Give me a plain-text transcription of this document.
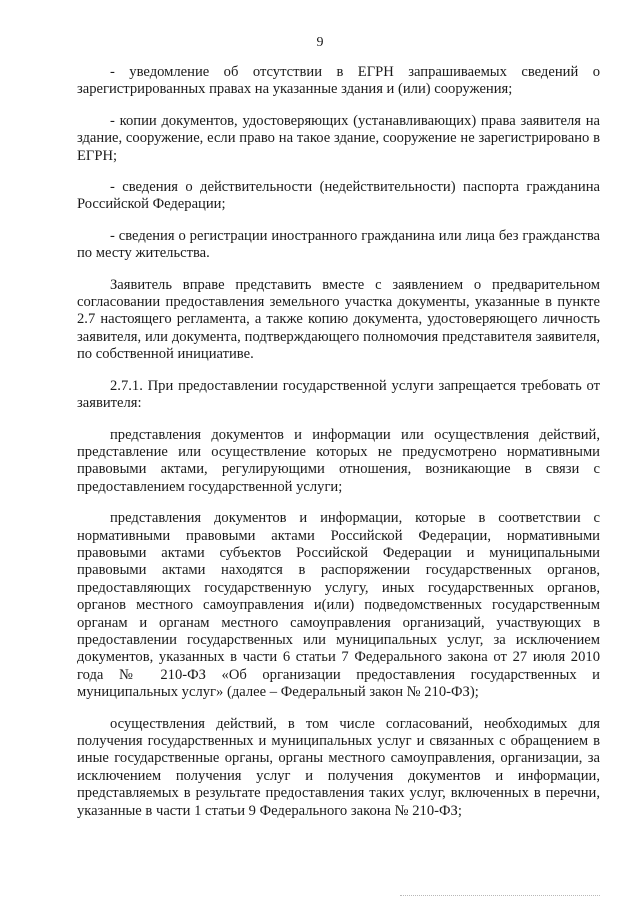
9

- уведомление об отсутствии в ЕГРН запрашиваемых сведений о зарегистрированных правах на указанные здания и (или) сооружения;

- копии документов, удостоверяющих (устанавливающих) права заявителя на здание, сооружение, если право на такое здание, сооружение не зарегистрировано в ЕГРН;

- сведения о действительности (недействительности) паспорта гражданина Российской Федерации;

- сведения о регистрации иностранного гражданина или лица без гражданства по месту жительства.

Заявитель вправе представить вместе с заявлением о предварительном согласовании предоставления земельного участка документы, указанные в пункте 2.7 настоящего регламента, а также копию документа, удостоверяющего личность заявителя, или документа, подтверждающего полномочия представителя заявителя, по собственной инициативе.

2.7.1. При предоставлении государственной услуги запрещается требовать от заявителя:

представления документов и информации или осуществления действий, представление или осуществление которых не предусмотрено нормативными правовыми актами, регулирующими отношения, возникающие в связи с предоставлением государственной услуги;

представления документов и информации, которые в соответствии с нормативными правовыми актами Российской Федерации, нормативными правовыми актами субъектов Российской Федерации и муниципальными правовыми актами находятся в распоряжении государственных органов, предоставляющих государственную услугу, иных государственных органов, органов местного самоуправления и(или) подведомственных государственным органам и органам местного самоуправления организаций, участвующих в предоставлении государственных или муниципальных услуг, за исключением документов, указанных в части 6 статьи 7 Федерального закона от 27 июля 2010 года № 210-ФЗ «Об организации предоставления государственных и муниципальных услуг» (далее – Федеральный закон № 210-ФЗ);

осуществления действий, в том числе согласований, необходимых для получения государственных и муниципальных услуг и связанных с обращением в иные государственные органы, органы местного самоуправления, организации, за исключением получения услуг и получения документов и информации, представляемых в результате предоставления таких услуг, включенных в перечни, указанные в части 1 статьи 9 Федерального закона № 210-ФЗ;
